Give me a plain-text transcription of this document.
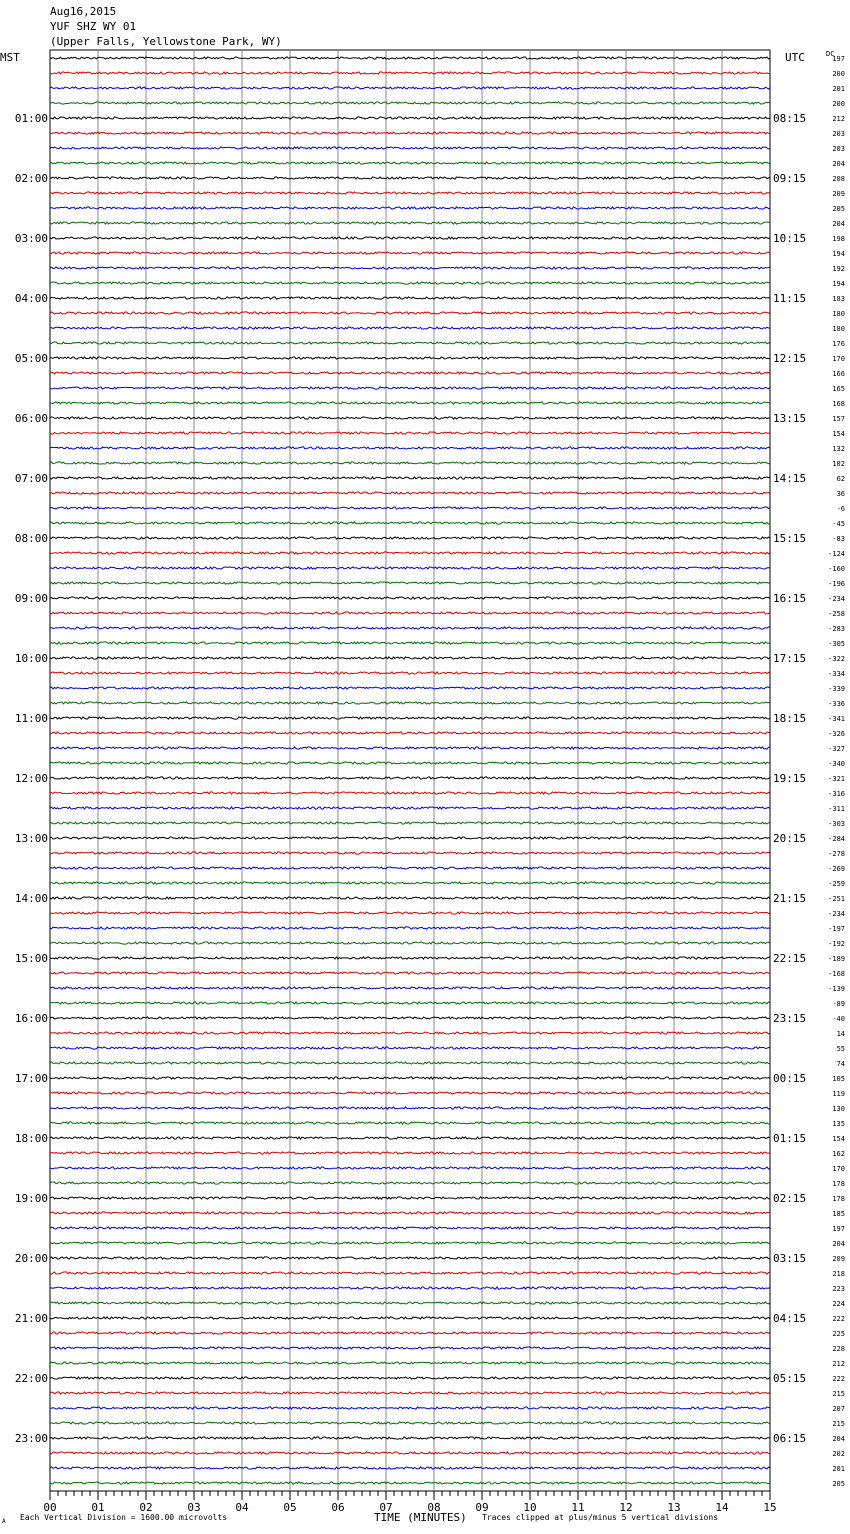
Aug16,2015
YUF SHZ WY 01
(Upper Falls, Yellowstone Park, WY)
00	01	02	03	04	05	06	07	08	09	10	11	12	13	14	15
197
200
201
200
212
01:00	08:15
203
203
204
208
02:00	09:15
209
205
204
198
03:00	10:15
194
192
194
183
04:00	11:15
180
180
176
170
05:00	12:15
166
165
168
157
06:00	13:15
154
132
102
62
07:00	14:15
36
-6
-45
-83
08:00	15:15
-124
-160
-196
-234
09:00	16:15
-258
-283
-305
-322
10:00	17:15
-334
-339
-336
-341
11:00	18:15
-326
-327
-340
-321
12:00	19:15
-316
-311
-303
-284
13:00	20:15
-278
-269
-259
-251
14:00	21:15
-234
-197
-192
-189
15:00	22:15
-168
-139
-89
-40
16:00	23:15
14
55
74
105
17:00	00:15
119
130
135
154
18:00	01:15
162
170
178
178
19:00	02:15
185
197
204
209
20:00	03:15
218
223
224
222
21:00	04:15
225
228
212
222
22:00	05:15
215
207
215
204
23:00	06:15
202
201
205
MST	UTC	DC
A Each Vertical Division = 1600.00 microvolts	TIME (MINUTES) Traces clipped at plus/minus 5 vertical divisions
